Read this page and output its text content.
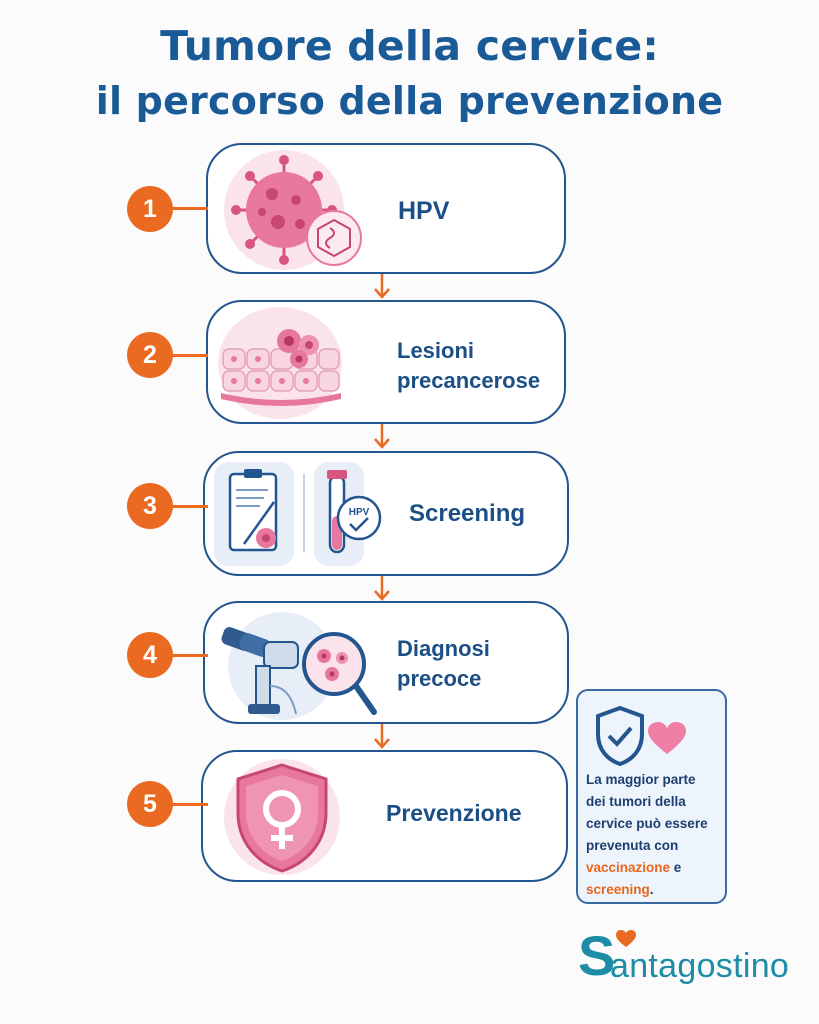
Tumore della cervice:
il percorso della prevenzione
1
2
3
4
5
HPV
Lesioni
precancerose
Screening
Diagnosi
precoce
Prevenzione
HPV
La maggior parte
dei tumori della
cervice può essere
prevenuta con
vaccinazione e
screening.
S
antagostino
